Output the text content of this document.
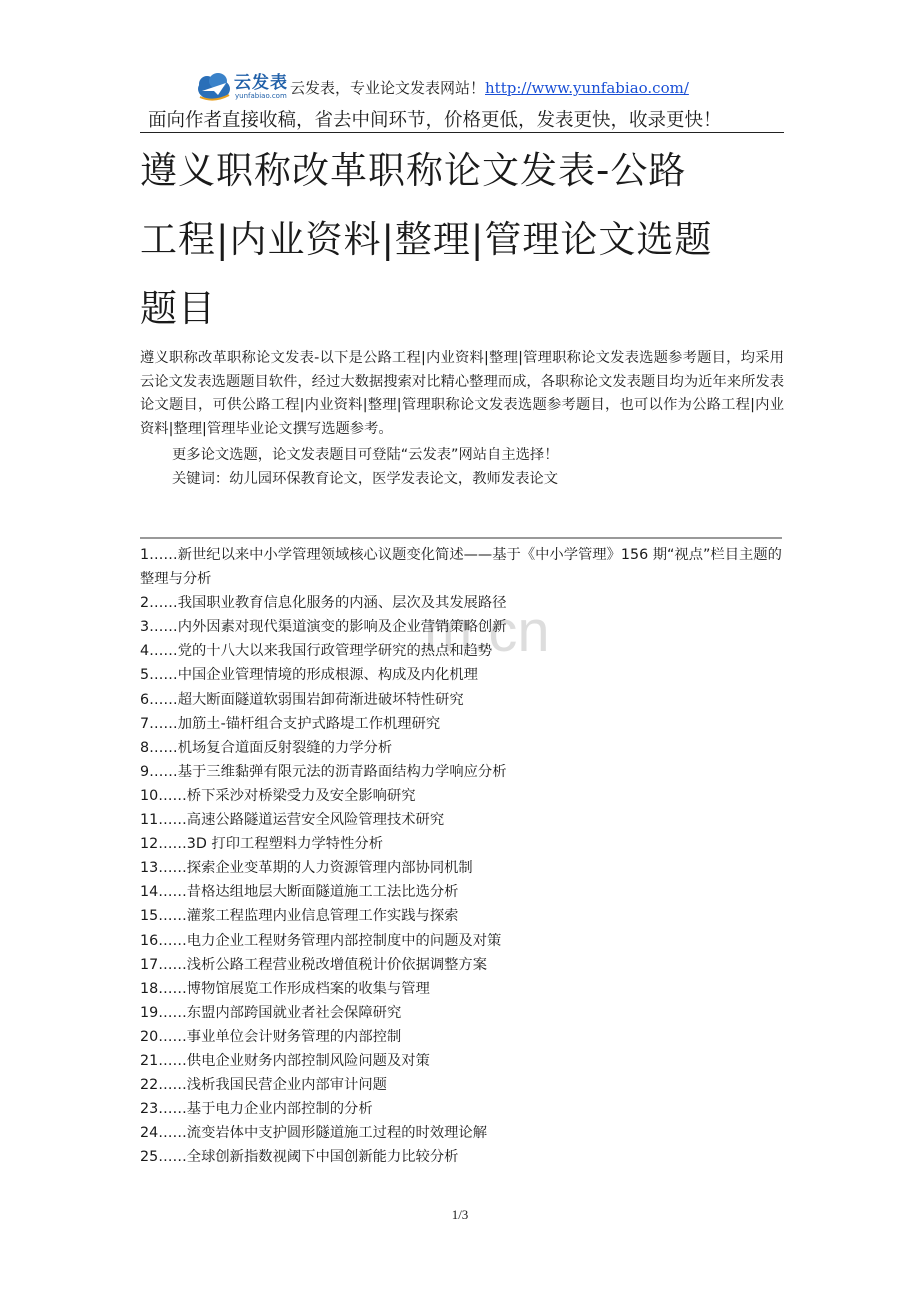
云发表
yunfabiao.com 云发表，专业论文发表网站！http://www.yunfabiao.com/
面向作者直接收稿，省去中间环节，价格更低，发表更快，收录更快！
遵义职称改革职称论文发表-公路
工程|内业资料|整理|管理论文选题
题目
遵义职称改革职称论文发表-以下是公路工程|内业资料|整理|管理职称论文发表选题参考题目，均采用云论文发表选题题目软件，经过大数据搜索对比精心整理而成，各职称论文发表题目均为近年来所发表论文题目，可供公路工程|内业资料|整理|管理职称论文发表选题参考题目，也可以作为公路工程|内业资料|整理|管理毕业论文撰写选题参考。
更多论文选题，论文发表题目可登陆“云发表”网站自主选择！
关键词：幼儿园环保教育论文，医学发表论文，教师发表论文
m.cn
1……新世纪以来中小学管理领域核心议题变化简述——基于《中小学管理》156 期“视点”栏目主题的整理与分析
2……我国职业教育信息化服务的内涵、层次及其发展路径
3……内外因素对现代渠道演变的影响及企业营销策略创新
4……党的十八大以来我国行政管理学研究的热点和趋势
5……中国企业管理情境的形成根源、构成及内化机理
6……超大断面隧道软弱围岩卸荷渐进破坏特性研究
7……加筋土-锚杆组合支护式路堤工作机理研究
8……机场复合道面反射裂缝的力学分析
9……基于三维黏弹有限元法的沥青路面结构力学响应分析
10……桥下采沙对桥梁受力及安全影响研究
11……高速公路隧道运营安全风险管理技术研究
12……3D 打印工程塑料力学特性分析
13……探索企业变革期的人力资源管理内部协同机制
14……昔格达组地层大断面隧道施工工法比选分析
15……灌浆工程监理内业信息管理工作实践与探索
16……电力企业工程财务管理内部控制度中的问题及对策
17……浅析公路工程营业税改增值税计价依据调整方案
18……博物馆展览工作形成档案的收集与管理
19……东盟内部跨国就业者社会保障研究
20……事业单位会计财务管理的内部控制
21……供电企业财务内部控制风险问题及对策
22……浅析我国民营企业内部审计问题
23……基于电力企业内部控制的分析
24……流变岩体中支护圆形隧道施工过程的时效理论解
25……全球创新指数视阈下中国创新能力比较分析
1/3
